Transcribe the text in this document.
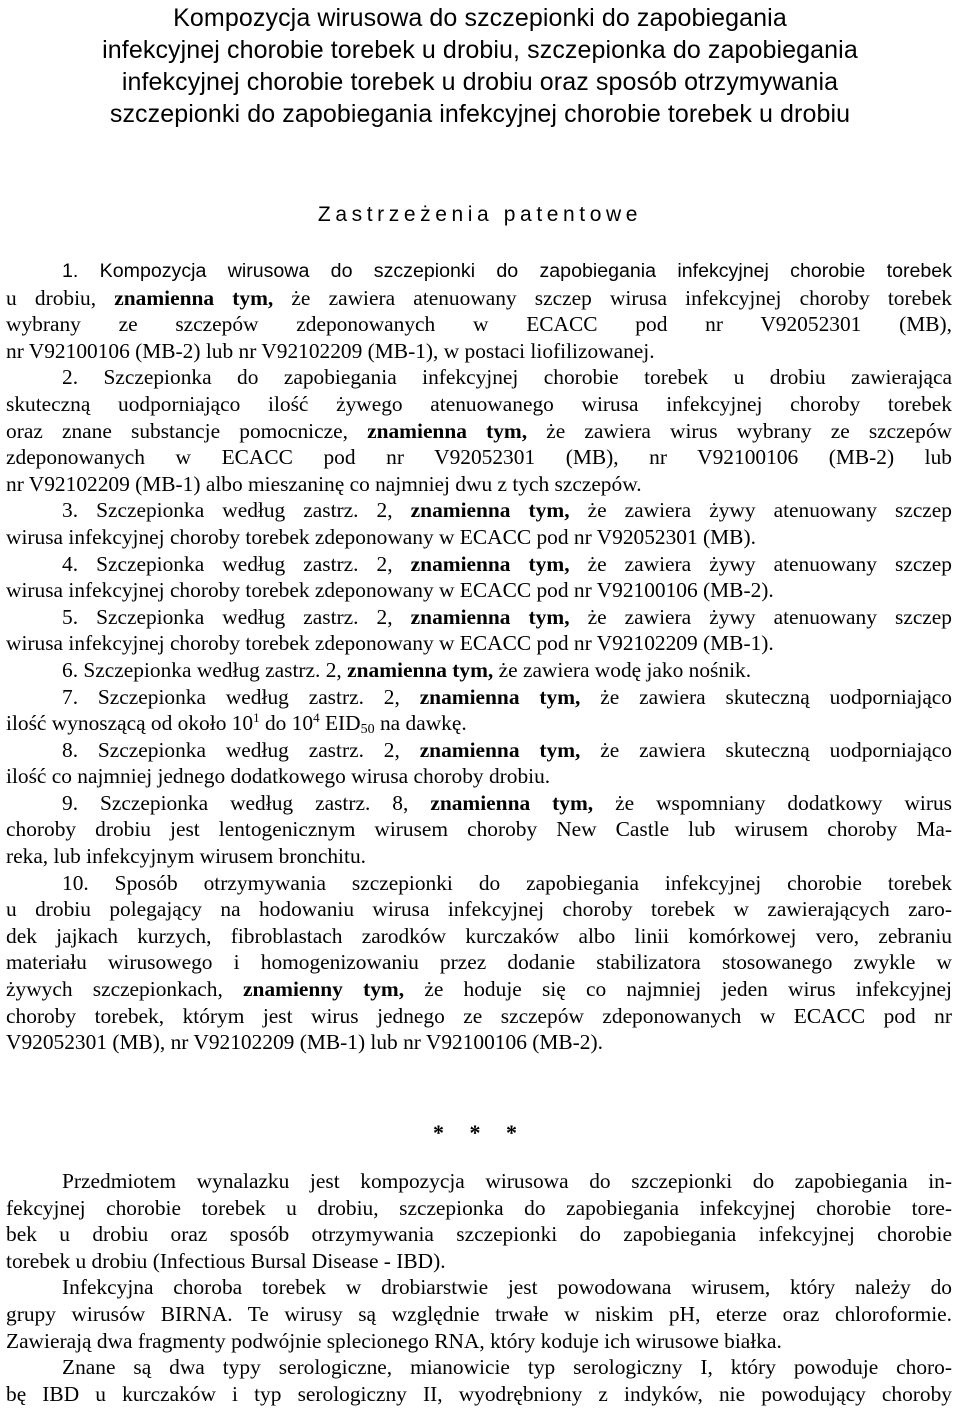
Kompozycja wirusowa do szczepionki do zapobiegania
infekcyjnej chorobie torebek u drobiu, szczepionka do zapobiegania
infekcyjnej chorobie torebek u drobiu oraz sposób otrzymywania
szczepionki do zapobiegania infekcyjnej chorobie torebek u drobiu
Zastrzeżenia patentowe
1. Kompozycja wirusowa do szczepionki do zapobiegania infekcyjnej chorobie torebek
u drobiu, znamienna tym, że zawiera atenuowany szczep wirusa infekcyjnej choroby torebek
wybrany ze szczepów zdeponowanych w ECACC pod nr V92052301 (MB),
nr V92100106 (MB-2) lub nr V92102209 (MB-1), w postaci liofilizowanej.
2. Szczepionka do zapobiegania infekcyjnej chorobie torebek u drobiu zawierająca
skuteczną uodporniająco ilość żywego atenuowanego wirusa infekcyjnej choroby torebek
oraz znane substancje pomocnicze, znamienna tym, że zawiera wirus wybrany ze szczepów
zdeponowanych w ECACC pod nr V92052301 (MB), nr V92100106 (MB-2) lub
nr V92102209 (MB-1) albo mieszaninę co najmniej dwu z tych szczepów.
3. Szczepionka według zastrz. 2, znamienna tym, że zawiera żywy atenuowany szczep
wirusa infekcyjnej choroby torebek zdeponowany w ECACC pod nr V92052301 (MB).
4. Szczepionka według zastrz. 2, znamienna tym, że zawiera żywy atenuowany szczep
wirusa infekcyjnej choroby torebek zdeponowany w ECACC pod nr V92100106 (MB-2).
5. Szczepionka według zastrz. 2, znamienna tym, że zawiera żywy atenuowany szczep
wirusa infekcyjnej choroby torebek zdeponowany w ECACC pod nr V92102209 (MB-1).
6. Szczepionka według zastrz. 2, znamienna tym, że zawiera wodę jako nośnik.
7. Szczepionka według zastrz. 2, znamienna tym, że zawiera skuteczną uodporniająco
ilość wynoszącą od około $10^1$ do $10^4$ $EID_{50}$ na dawkę.
8. Szczepionka według zastrz. 2, znamienna tym, że zawiera skuteczną uodporniająco
ilość co najmniej jednego dodatkowego wirusa choroby drobiu.
9. Szczepionka według zastrz. 8, znamienna tym, że wspomniany dodatkowy wirus
choroby drobiu jest lentogenicznym wirusem choroby New Castle lub wirusem choroby Ma-
reka, lub infekcyjnym wirusem bronchitu.
10. Sposób otrzymywania szczepionki do zapobiegania infekcyjnej chorobie torebek
u drobiu polegający na hodowaniu wirusa infekcyjnej choroby torebek w zawierających zaro-
dek jajkach kurzych, fibroblastach zarodków kurczaków albo linii komórkowej vero, zebraniu
materiału wirusowego i homogenizowaniu przez dodanie stabilizatora stosowanego zwykle w
żywych szczepionkach, znamienny tym, że hoduje się co najmniej jeden wirus infekcyjnej
choroby torebek, którym jest wirus jednego ze szczepów zdeponowanych w ECACC pod nr
V92052301 (MB), nr V92102209 (MB-1) lub nr V92100106 (MB-2).
* * *
Przedmiotem wynalazku jest kompozycja wirusowa do szczepionki do zapobiegania in-
fekcyjnej chorobie torebek u drobiu, szczepionka do zapobiegania infekcyjnej chorobie tore-
bek u drobiu oraz sposób otrzymywania szczepionki do zapobiegania infekcyjnej chorobie
torebek u drobiu (Infectious Bursal Disease - IBD).
Infekcyjna choroba torebek w drobiarstwie jest powodowana wirusem, który należy do
grupy wirusów BIRNA. Te wirusy są względnie trwałe w niskim pH, eterze oraz chloroformie.
Zawierają dwa fragmenty podwójnie splecionego RNA, który koduje ich wirusowe białka.
Znane są dwa typy serologiczne, mianowicie typ serologiczny I, który powoduje choro-
bę IBD u kurczaków i typ serologiczny II, wyodrębniony z indyków, nie powodujący choroby
